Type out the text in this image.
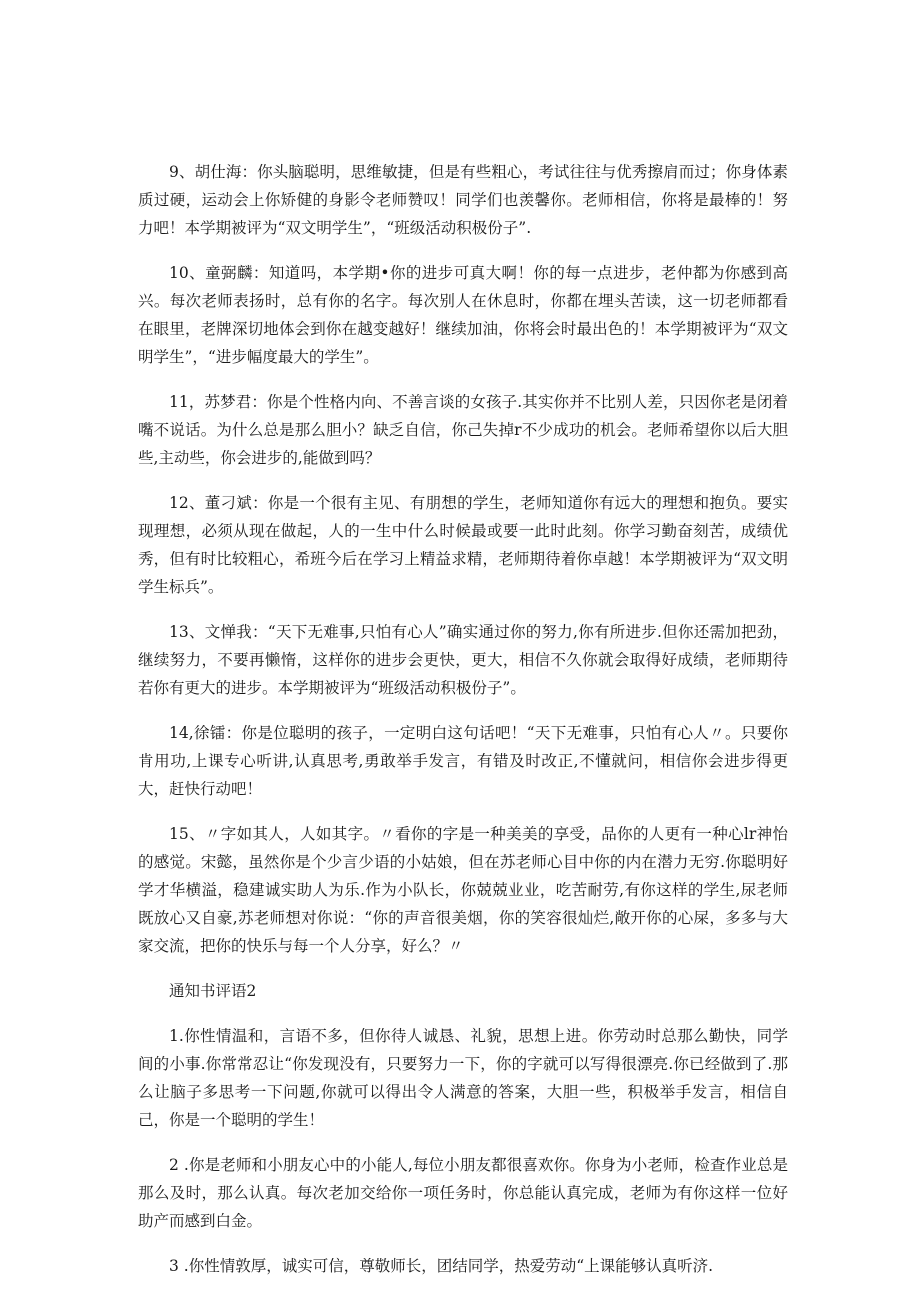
9、胡仕海：你头脑聪明，思维敏捷，但是有些粗心，考试往往与优秀擦肩而过；你身体素质过硬，运动会上你矫健的身影令老师赞叹！同学们也羡馨你。老师相信，你将是最棒的！努力吧！本学期被评为“双文明学生”，“班级活动积极份子”.

10、童弼麟：知道吗，本学期•你的进步可真大啊！你的每一点进步，老仲都为你感到高兴。每次老师表扬时，总有你的名字。每次别人在休息时，你都在埋头苦读，这一切老师都看在眼里，老牌深切地体会到你在越变越好！继续加油，你将会时最出色的！本学期被评为“双文明学生”，“进步幅度最大的学生”。

11，苏梦君：你是个性格内向、不善言谈的女孩子.其实你并不比别人差，只因你老是闭着嘴不说话。为什么总是那么胆小？缺乏自信，你己失掉r不少成功的机会。老师希望你以后大胆些,主动些，你会进步的,能做到吗？

12、董刁斌：你是一个很有主见、有朋想的学生，老师知道你有远大的理想和抱负。要实现理想，必须从现在做起，人的一生中什么时候最或要一此时此刻。你学习勤奋刻苦，成绩优秀，但有时比较粗心，希班今后在学习上精益求精，老师期待着你卓越！本学期被评为“双文明学生标兵”。

13、文惮我：“天下无难事,只怕有心人”确实通过你的努力,你有所进步.但你还需加把劲，继续努力，不要再懒惰，这样你的进步会更快，更大，相信不久你就会取得好成绩，老师期待若你有更大的进步。本学期被评为“班级活动积极份子”。

14,徐镭：你是位聪明的孩子，一定明白这句话吧！“天下无难事，只怕有心人〃。只要你肯用功,上课专心听讲,认真思考,勇敢举手发言，有错及时改正,不懂就问，相信你会进步得更大，赶快行动吧！

15、〃字如其人，人如其字。〃看你的字是一种美美的享受，品你的人更有一种心lr神怡的感觉。宋懿，虽然你是个少言少语的小姑娘，但在苏老师心目中你的内在潜力无穷.你聪明好学才华横溢，稳建诚实助人为乐.作为小队长，你兢兢业业，吃苦耐劳,有你这样的学生,尿老师既放心又自豪,苏老师想对你说：“你的声音很美烟，你的笑容很灿烂,敞开你的心屎，多多与大家交流，把你的快乐与每一个人分享，好么？〃

通知书评语2

1.你性情温和，言语不多，但你待人诚恳、礼貌，思想上进。你劳动时总那么勤快，同学间的小事.你常常忍让“你发现没有，只要努力一下，你的字就可以写得很漂亮.你已经做到了.那么让脑子多思考一下问题,你就可以得出令人满意的答案，大胆一些，积极举手发言，相信自己，你是一个聪明的学生！

2 .你是老师和小朋友心中的小能人,每位小朋友都很喜欢你。你身为小老师，检查作业总是那么及时，那么认真。每次老加交给你一项任务时，你总能认真完成，老师为有你这样一位好助产而感到白金。

3 .你性情敦厚，诚实可信，尊敬师长，团结同学，热爱劳动“上课能够认真听济.
